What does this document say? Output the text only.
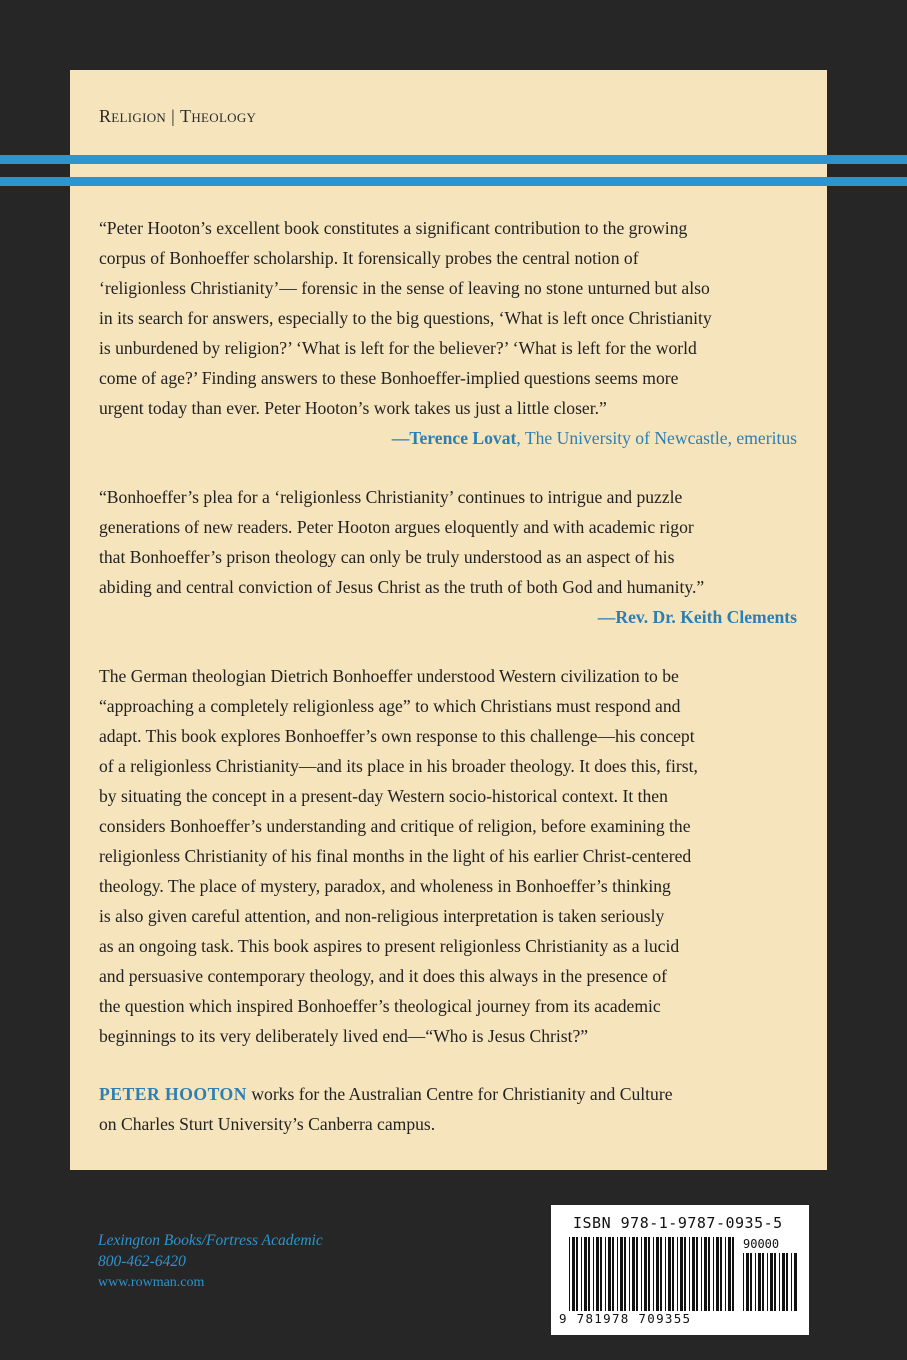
Religion | Theology
“Peter Hooton’s excellent book constitutes a significant contribution to the growing
corpus of Bonhoeffer scholarship. It forensically probes the central notion of
‘religionless Christianity’— forensic in the sense of leaving no stone unturned but also
in its search for answers, especially to the big questions, ‘What is left once Christianity
is unburdened by religion?’ ‘What is left for the believer?’ ‘What is left for the world
come of age?’ Finding answers to these Bonhoeffer-implied questions seems more
urgent today than ever. Peter Hooton’s work takes us just a little closer.”
—Terence Lovat, The University of Newcastle, emeritus
“Bonhoeffer’s plea for a ‘religionless Christianity’ continues to intrigue and puzzle
generations of new readers. Peter Hooton argues eloquently and with academic rigor
that Bonhoeffer’s prison theology can only be truly understood as an aspect of his
abiding and central conviction of Jesus Christ as the truth of both God and humanity.”
—Rev. Dr. Keith Clements
The German theologian Dietrich Bonhoeffer understood Western civilization to be
“approaching a completely religionless age” to which Christians must respond and
adapt. This book explores Bonhoeffer’s own response to this challenge—his concept
of a religionless Christianity—and its place in his broader theology. It does this, first,
by situating the concept in a present-day Western socio-historical context. It then
considers Bonhoeffer’s understanding and critique of religion, before examining the
religionless Christianity of his final months in the light of his earlier Christ-centered
theology. The place of mystery, paradox, and wholeness in Bonhoeffer’s thinking
is also given careful attention, and non-religious interpretation is taken seriously
as an ongoing task. This book aspires to present religionless Christianity as a lucid
and persuasive contemporary theology, and it does this always in the presence of
the question which inspired Bonhoeffer’s theological journey from its academic
beginnings to its very deliberately lived end—“Who is Jesus Christ?”
PETER HOOTON works for the Australian Centre for Christianity and Culture
on Charles Sturt University’s Canberra campus.
Lexington Books/Fortress Academic
800-462-6420
www.rowman.com
ISBN 978-1-9787-0935-5
90000
9 781978 709355
